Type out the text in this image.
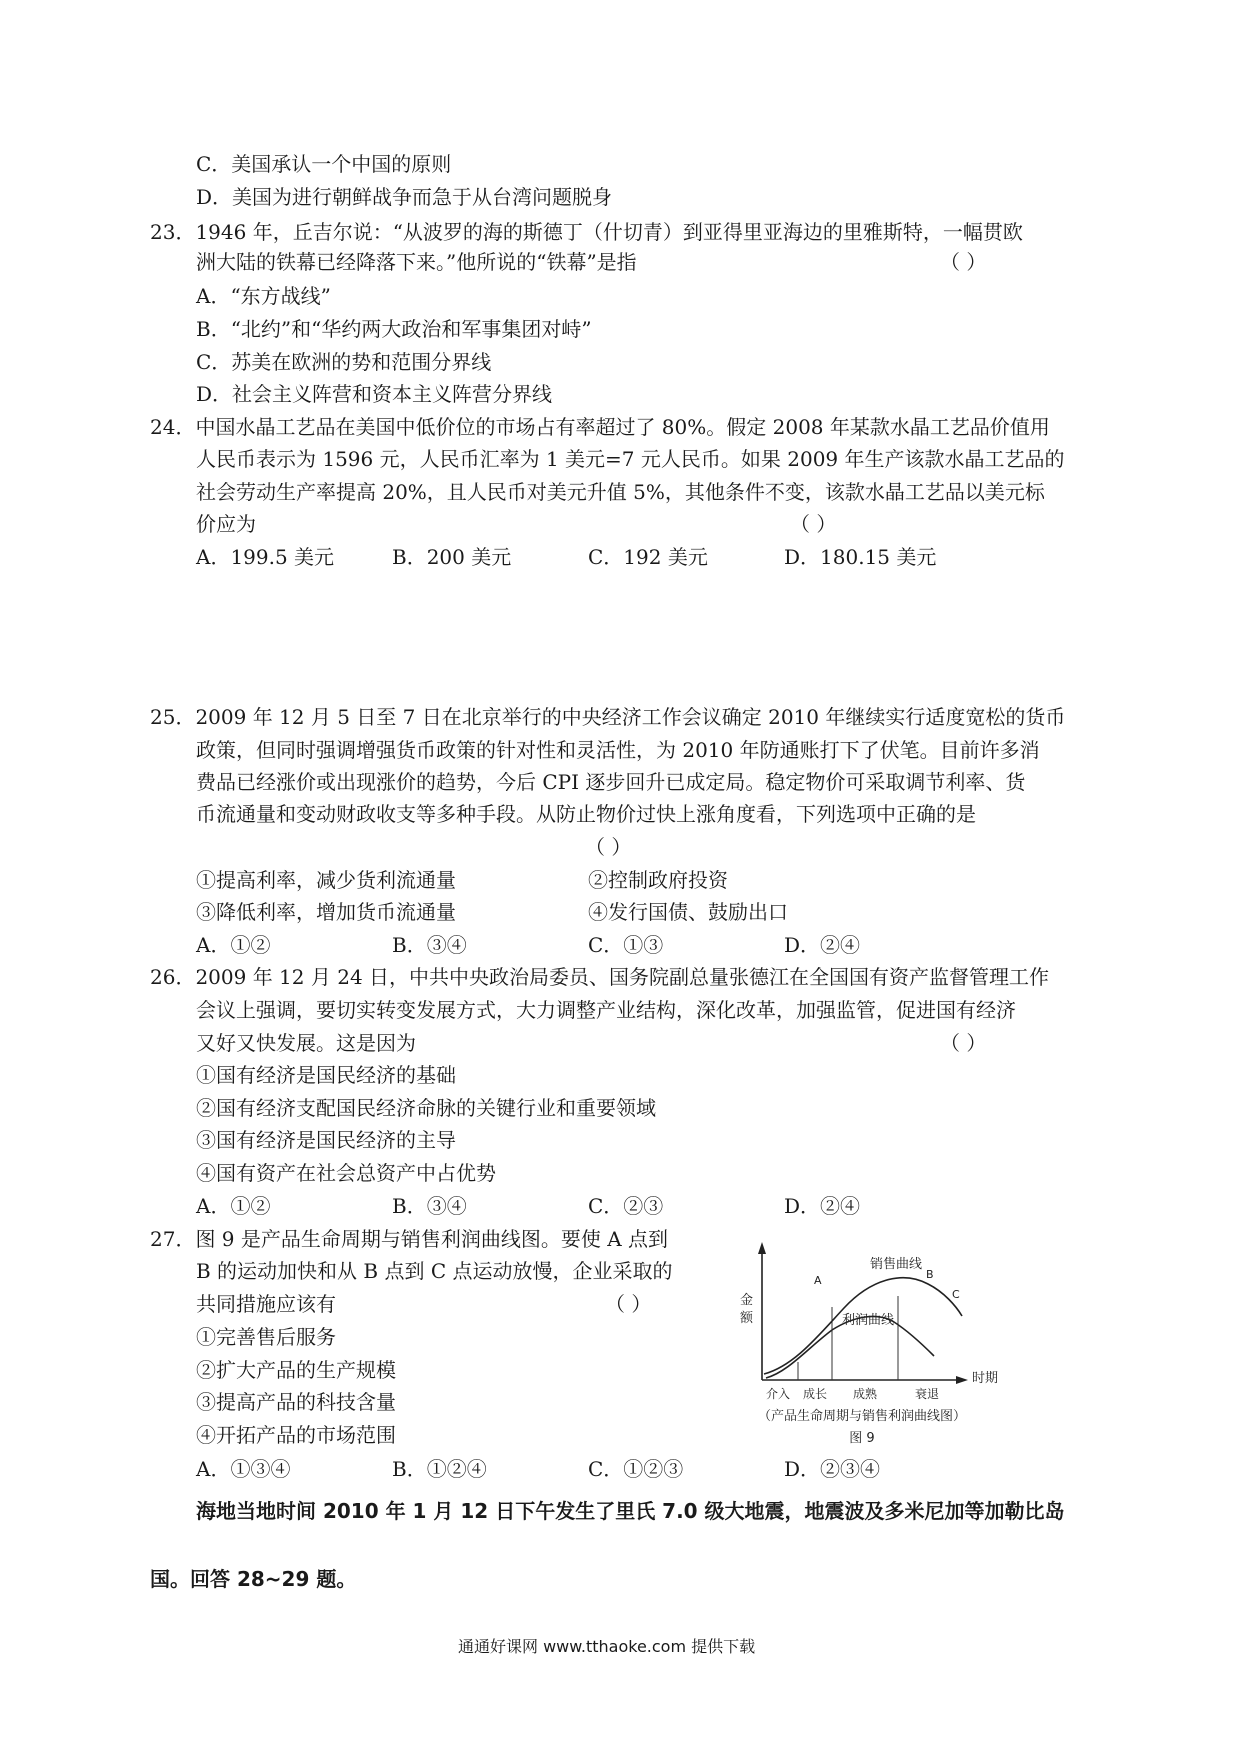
C．美国承认一个中国的原则
D．美国为进行朝鲜战争而急于从台湾问题脱身
23．1946 年，丘吉尔说：“从波罗的海的斯德丁（什切青）到亚得里亚海边的里雅斯特，一幅贯欧
洲大陆的铁幕已经降落下来。”他所说的“铁幕”是指	（ ）
A．“东方战线”
B．“北约”和“华约两大政治和军事集团对峙”
C．苏美在欧洲的势和范围分界线
D．社会主义阵营和资本主义阵营分界线
24．中国水晶工艺品在美国中低价位的市场占有率超过了 80%。假定 2008 年某款水晶工艺品价值用
人民币表示为 1596 元，人民币汇率为 1 美元=7 元人民币。如果 2009 年生产该款水晶工艺品的
社会劳动生产率提高 20%，且人民币对美元升值 5%，其他条件不变，该款水晶工艺品以美元标
价应为	（ ）
A．199.5 美元	B．200 美元	C．192 美元	D．180.15 美元
25．2009 年 12 月 5 日至 7 日在北京举行的中央经济工作会议确定 2010 年继续实行适度宽松的货币
政策，但同时强调增强货币政策的针对性和灵活性，为 2010 年防通账打下了伏笔。目前许多消
费品已经涨价或出现涨价的趋势，今后 CPI 逐步回升已成定局。稳定物价可采取调节利率、货
币流通量和变动财政收支等多种手段。从防止物价过快上涨角度看，下列选项中正确的是
（ ）
①提高利率，减少货利流通量	②控制政府投资
③降低利率，增加货币流通量	④发行国债、鼓励出口
A．①②	B．③④	C．①③	D．②④
26．2009 年 12 月 24 日，中共中央政治局委员、国务院副总量张德江在全国国有资产监督管理工作
会议上强调，要切实转变发展方式，大力调整产业结构，深化改革，加强监管，促进国有经济
又好又快发展。这是因为	（ ）
①国有经济是国民经济的基础
②国有经济支配国民经济命脉的关键行业和重要领域
③国有经济是国民经济的主导
④国有资产在社会总资产中占优势
A．①②	B．③④	C．②③	D．②④
27．图 9 是产品生命周期与销售利润曲线图。要使 A 点到
B 的运动加快和从 B 点到 C 点运动放慢，企业采取的
共同措施应该有	（ ）
①完善售后服务
②扩大产品的生产规模
③提高产品的科技含量
④开拓产品的市场范围
A．①③④	B．①②④	C．①②③	D．②③④
销售曲线
利润曲线
金
额
时期
介入 成长 成熟	衰退
A	B
C
（产品生命周期与销售利润曲线图）
图 9
海地当地时间 2010 年 1 月 12 日下午发生了里氏 7.0 级大地震，地震波及多米尼加等加勒比岛
国。回答 28~29 题。
通通好课网 www.tthaoke.com 提供下载
